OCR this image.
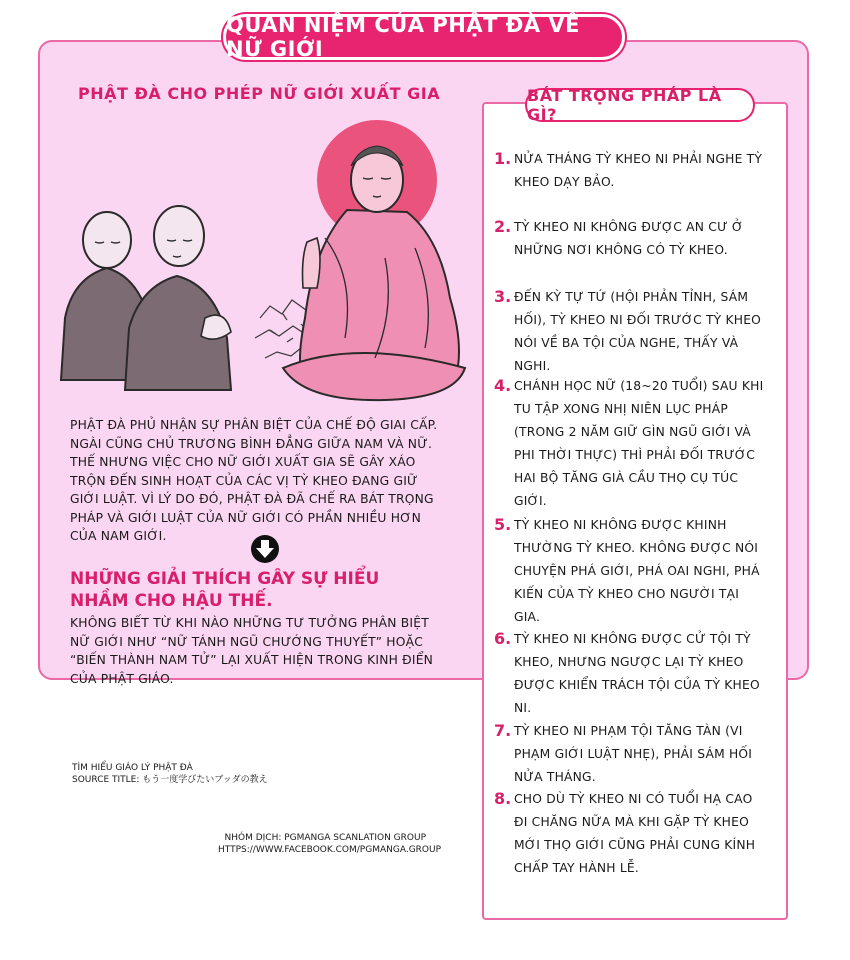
QUAN NIỆM CỦA PHẬT ĐÀ VỀ NỮ GIỚI
PHẬT ĐÀ CHO PHÉP NỮ GIỚI XUẤT GIA
PHẬT ĐÀ PHỦ NHẬN SỰ PHÂN BIỆT CỦA CHẾ ĐỘ GIAI CẤP. NGÀI CŨNG CHỦ TRƯƠNG BÌNH ĐẲNG GIỮA NAM VÀ NỮ. THẾ NHƯNG VIỆC CHO NỮ GIỚI XUẤT GIA SẼ GÂY XÁO TRỘN ĐẾN SINH HOẠT CỦA CÁC VỊ TỲ KHEO ĐANG GIỮ GIỚI LUẬT. VÌ LÝ DO ĐÓ, PHẬT ĐÀ ĐÃ CHẾ RA BÁT TRỌNG PHÁP VÀ GIỚI LUẬT CỦA NỮ GIỚI CÓ PHẦN NHIỀU HƠN CỦA NAM GIỚI.
NHỮNG GIẢI THÍCH GÂY SỰ HIỂU NHẦM CHO HẬU THẾ.
KHÔNG BIẾT TỪ KHI NÀO NHỮNG TƯ TƯỞNG PHÂN BIỆT NỮ GIỚI NHƯ “NỮ TÁNH NGŨ CHƯỚNG THUYẾT” HOẶC “BIẾN THÀNH NAM TỬ” LẠI XUẤT HIỆN TRONG KINH ĐIỂN CỦA PHẬT GIÁO.
BÁT TRỌNG PHÁP LÀ GÌ?
1. NỬA THÁNG TỲ KHEO NI PHẢI NGHE TỲ KHEO DẠY BẢO.
2. TỲ KHEO NI KHÔNG ĐƯỢC AN CƯ Ở NHỮNG NƠI KHÔNG CÓ TỲ KHEO.
3. ĐẾN KỲ TỰ TỨ (HỘI PHẢN TỈNH, SÁM HỐI), TỲ KHEO NI ĐỐI TRƯỚC TỲ KHEO NÓI VỀ BA TỘI CỦA NGHE, THẤY VÀ NGHI.
4. CHÁNH HỌC NỮ (18~20 TUỔI) SAU KHI TU TẬP XONG NHỊ NIÊN LỤC PHÁP (TRONG 2 NĂM GIỮ GÌN NGŨ GIỚI VÀ PHI THỜI THỰC) THÌ PHẢI ĐỐI TRƯỚC HAI BỘ TĂNG GIÀ CẦU THỌ CỤ TÚC GIỚI.
5. TỲ KHEO NI KHÔNG ĐƯỢC KHINH THƯỜNG TỲ KHEO. KHÔNG ĐƯỢC NÓI CHUYỆN PHÁ GIỚI, PHÁ OAI NGHI, PHÁ KIẾN CỦA TỲ KHEO CHO NGƯỜI TẠI GIA.
6. TỲ KHEO NI KHÔNG ĐƯỢC CỬ TỘI TỲ KHEO, NHƯNG NGƯỢC LẠI TỲ KHEO ĐƯỢC KHIỂN TRÁCH TỘI CỦA TỲ KHEO NI.
7. TỲ KHEO NI PHẠM TỘI TĂNG TÀN (VI PHẠM GIỚI LUẬT NHẸ), PHẢI SÁM HỐI NỬA THÁNG.
8. CHO DÙ TỲ KHEO NI CÓ TUỔI HẠ CAO ĐI CHĂNG NỮA MÀ KHI GẶP TỲ KHEO MỚI THỌ GIỚI CŨNG PHẢI CUNG KÍNH CHẤP TAY HÀNH LỄ.
TÌM HIỂU GIÁO LÝ PHẬT ĐÀ
SOURCE TITLE: もう一度学びたいブッダの教え
NHÓM DỊCH: PGMANGA SCANLATION GROUP
HTTPS://WWW.FACEBOOK.COM/PGMANGA.GROUP
